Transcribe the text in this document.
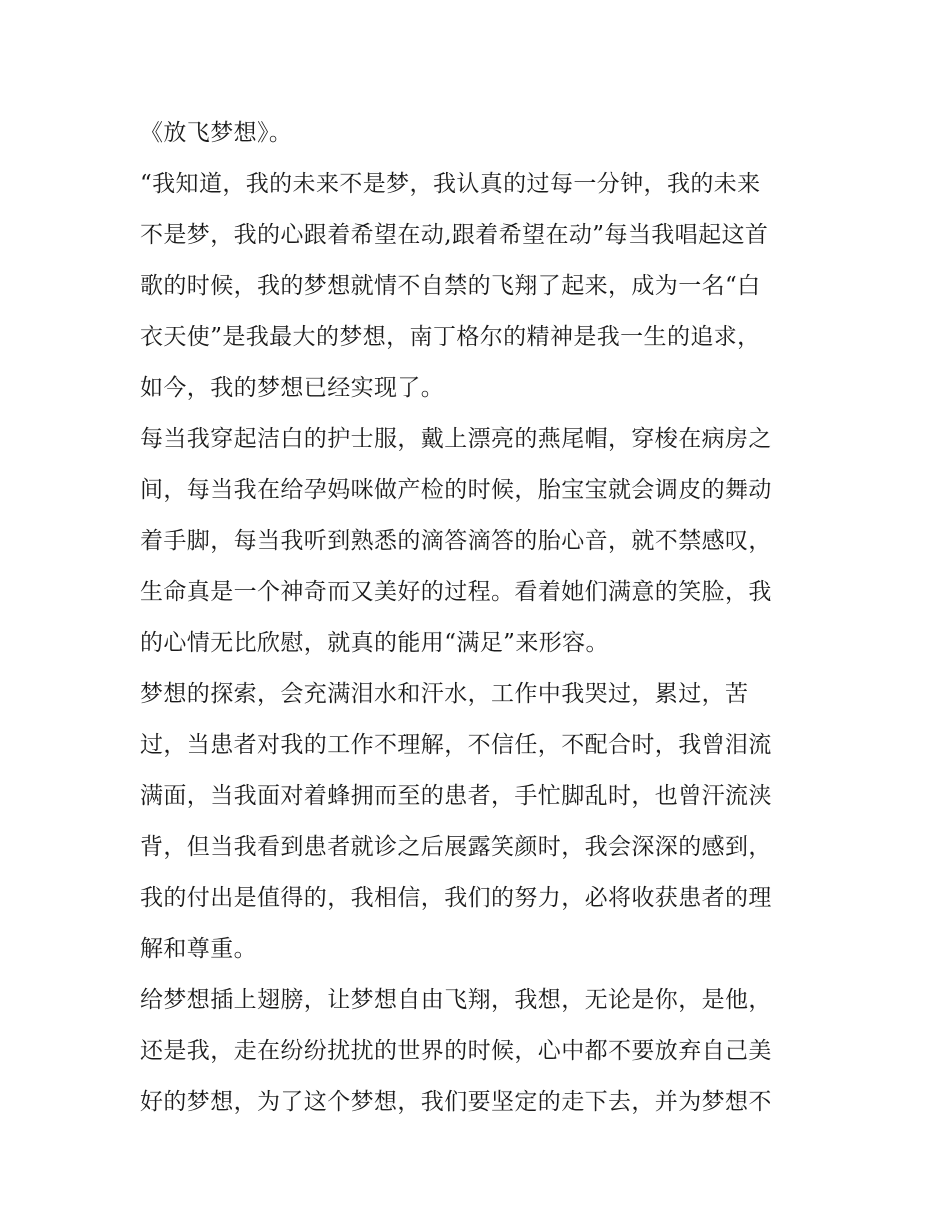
《放飞梦想》。
“我知道，我的未来不是梦，我认真的过每一分钟，我的未来
不是梦，我的心跟着希望在动,跟着希望在动”每当我唱起这首
歌的时候，我的梦想就情不自禁的飞翔了起来，成为一名“白
衣天使”是我最大的梦想，南丁格尔的精神是我一生的追求，
如今，我的梦想已经实现了。
每当我穿起洁白的护士服，戴上漂亮的燕尾帽，穿梭在病房之
间，每当我在给孕妈咪做产检的时候，胎宝宝就会调皮的舞动
着手脚，每当我听到熟悉的滴答滴答的胎心音，就不禁感叹，
生命真是一个神奇而又美好的过程。看着她们满意的笑脸，我
的心情无比欣慰，就真的能用“满足”来形容。
梦想的探索，会充满泪水和汗水，工作中我哭过，累过，苦
过，当患者对我的工作不理解，不信任，不配合时，我曾泪流
满面，当我面对着蜂拥而至的患者，手忙脚乱时，也曾汗流浃
背，但当我看到患者就诊之后展露笑颜时，我会深深的感到，
我的付出是值得的，我相信，我们的努力，必将收获患者的理
解和尊重。
给梦想插上翅膀，让梦想自由飞翔，我想，无论是你，是他，
还是我，走在纷纷扰扰的世界的时候，心中都不要放弃自己美
好的梦想，为了这个梦想，我们要坚定的走下去，并为梦想不
